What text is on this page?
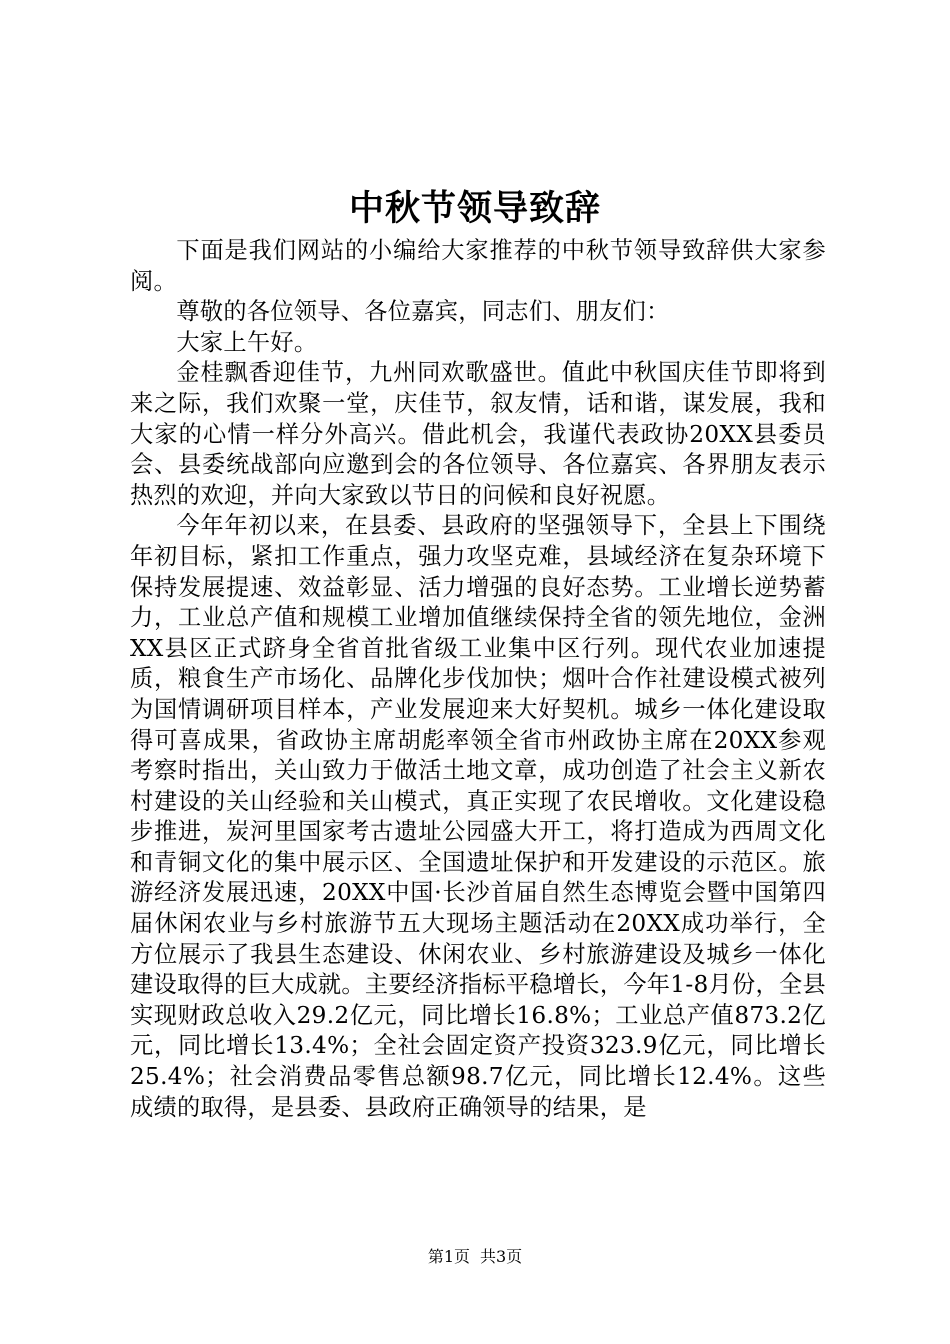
中秋节领导致辞

下面是我们网站的小编给大家推荐的中秋节领导致辞供大家参阅。

尊敬的各位领导、各位嘉宾，同志们、朋友们：

大家上午好。

金桂飘香迎佳节，九州同欢歌盛世。值此中秋国庆佳节即将到来之际，我们欢聚一堂，庆佳节，叙友情，话和谐，谋发展，我和大家的心情一样分外高兴。借此机会，我谨代表政协20XX县委员会、县委统战部向应邀到会的各位领导、各位嘉宾、各界朋友表示热烈的欢迎，并向大家致以节日的问候和良好祝愿。

今年年初以来，在县委、县政府的坚强领导下，全县上下围绕年初目标，紧扣工作重点，强力攻坚克难，县域经济在复杂环境下保持发展提速、效益彰显、活力增强的良好态势。工业增长逆势蓄力，工业总产值和规模工业增加值继续保持全省的领先地位，金洲XX县区正式跻身全省首批省级工业集中区行列。现代农业加速提质，粮食生产市场化、品牌化步伐加快；烟叶合作社建设模式被列为国情调研项目样本，产业发展迎来大好契机。城乡一体化建设取得可喜成果，省政协主席胡彪率领全省市州政协主席在20XX参观考察时指出，关山致力于做活土地文章，成功创造了社会主义新农村建设的关山经验和关山模式，真正实现了农民增收。文化建设稳步推进，炭河里国家考古遗址公园盛大开工，将打造成为西周文化和青铜文化的集中展示区、全国遗址保护和开发建设的示范区。旅游经济发展迅速，20XX中国·长沙首届自然生态博览会暨中国第四届休闲农业与乡村旅游节五大现场主题活动在20XX成功举行，全方位展示了我县生态建设、休闲农业、乡村旅游建设及城乡一体化建设取得的巨大成就。主要经济指标平稳增长，今年1-8月份，全县实现财政总收入29.2亿元，同比增长16.8%；工业总产值873.2亿元，同比增长13.4%；全社会固定资产投资323.9亿元，同比增长25.4%；社会消费品零售总额98.7亿元，同比增长12.4%。这些成绩的取得，是县委、县政府正确领导的结果，是

第1页 共3页
